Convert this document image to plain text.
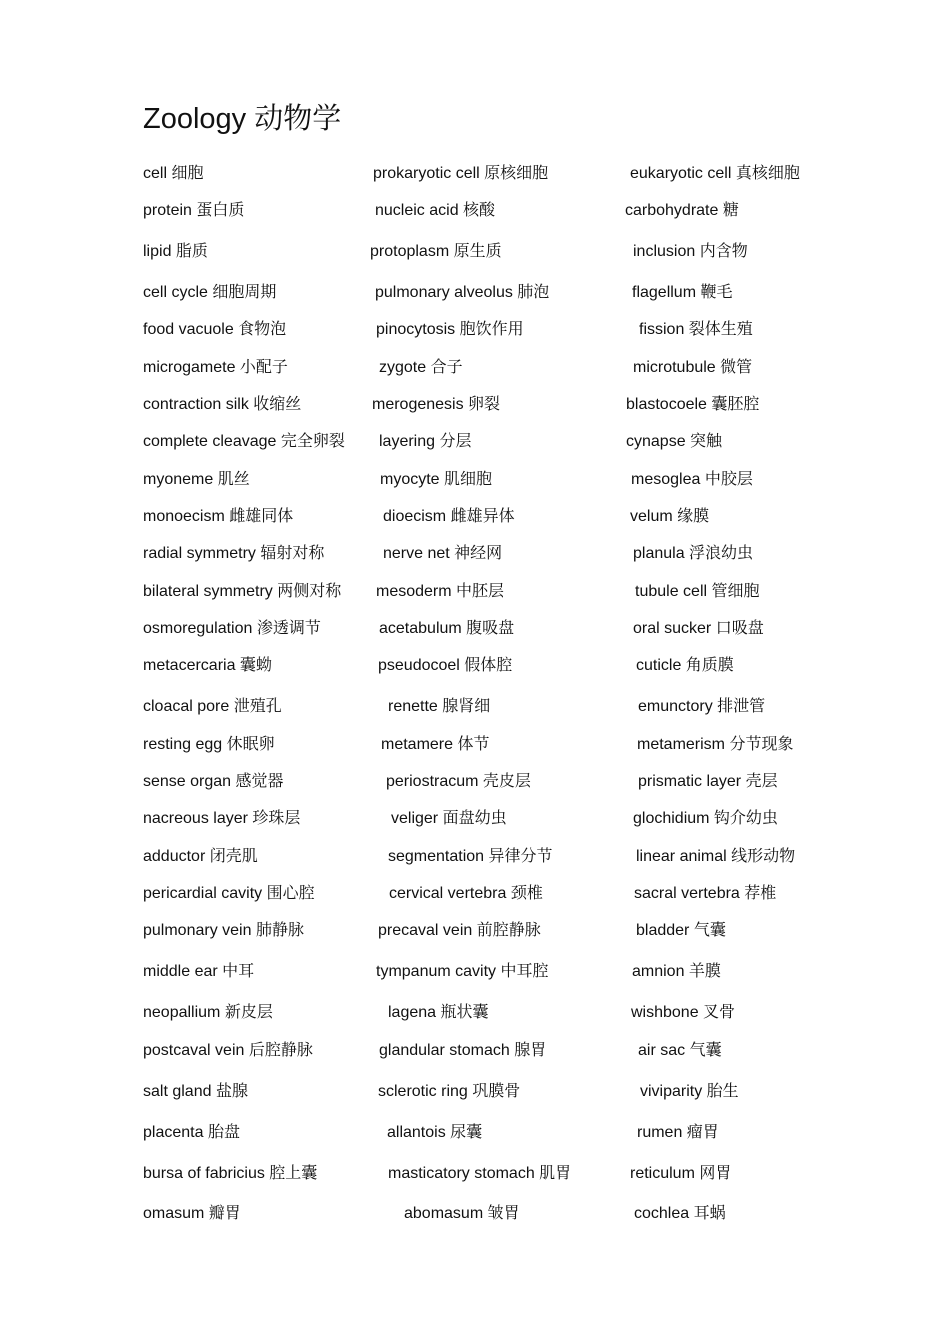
Zoology 动物学
cell 细胞	prokaryotic cell 原核细胞	eukaryotic cell 真核细胞
protein 蛋白质	nucleic acid 核酸	carbohydrate 糖
lipid 脂质	protoplasm 原生质	inclusion 内含物
cell cycle 细胞周期	pulmonary alveolus 肺泡	flagellum 鞭毛
food vacuole 食物泡	pinocytosis 胞饮作用	fission 裂体生殖
microgamete 小配子	zygote 合子	microtubule 微管
contraction silk 收缩丝	merogenesis 卵裂	blastocoele 囊胚腔
complete cleavage 完全卵裂 layering 分层	cynapse 突触
myoneme 肌丝	myocyte 肌细胞	mesoglea 中胶层
monoecism 雌雄同体	dioecism 雌雄异体	velum 缘膜
radial symmetry 辐射对称	nerve net 神经网	planula 浮浪幼虫
bilateral symmetry 两侧对称 mesoderm 中胚层	tubule cell 管细胞
osmoregulation 渗透调节	acetabulum 腹吸盘	oral sucker 口吸盘
metacercaria 囊蚴	pseudocoel 假体腔	cuticle 角质膜
cloacal pore 泄殖孔	renette 腺肾细	emunctory 排泄管
resting egg 休眠卵	metamere 体节	metamerism 分节现象
sense organ 感觉器	periostracum 壳皮层	prismatic layer 壳层
nacreous layer 珍珠层	veliger 面盘幼虫	glochidium 钩介幼虫
adductor 闭壳肌	segmentation 异律分节	linear animal 线形动物
pericardial cavity 围心腔	cervical vertebra 颈椎	sacral vertebra 荐椎
pulmonary vein 肺静脉	precaval vein 前腔静脉	bladder 气囊
middle ear 中耳	tympanum cavity 中耳腔	amnion 羊膜
neopallium 新皮层	lagena 瓶状囊	wishbone 叉骨
postcaval vein 后腔静脉	glandular stomach 腺胃	air sac 气囊
salt gland 盐腺	sclerotic ring 巩膜骨	viviparity 胎生
placenta 胎盘	allantois 尿囊	rumen 瘤胃
bursa of fabricius 腔上囊	masticatory stomach 肌胃	reticulum 网胃
omasum 瓣胃	abomasum 皱胃	cochlea 耳蜗
